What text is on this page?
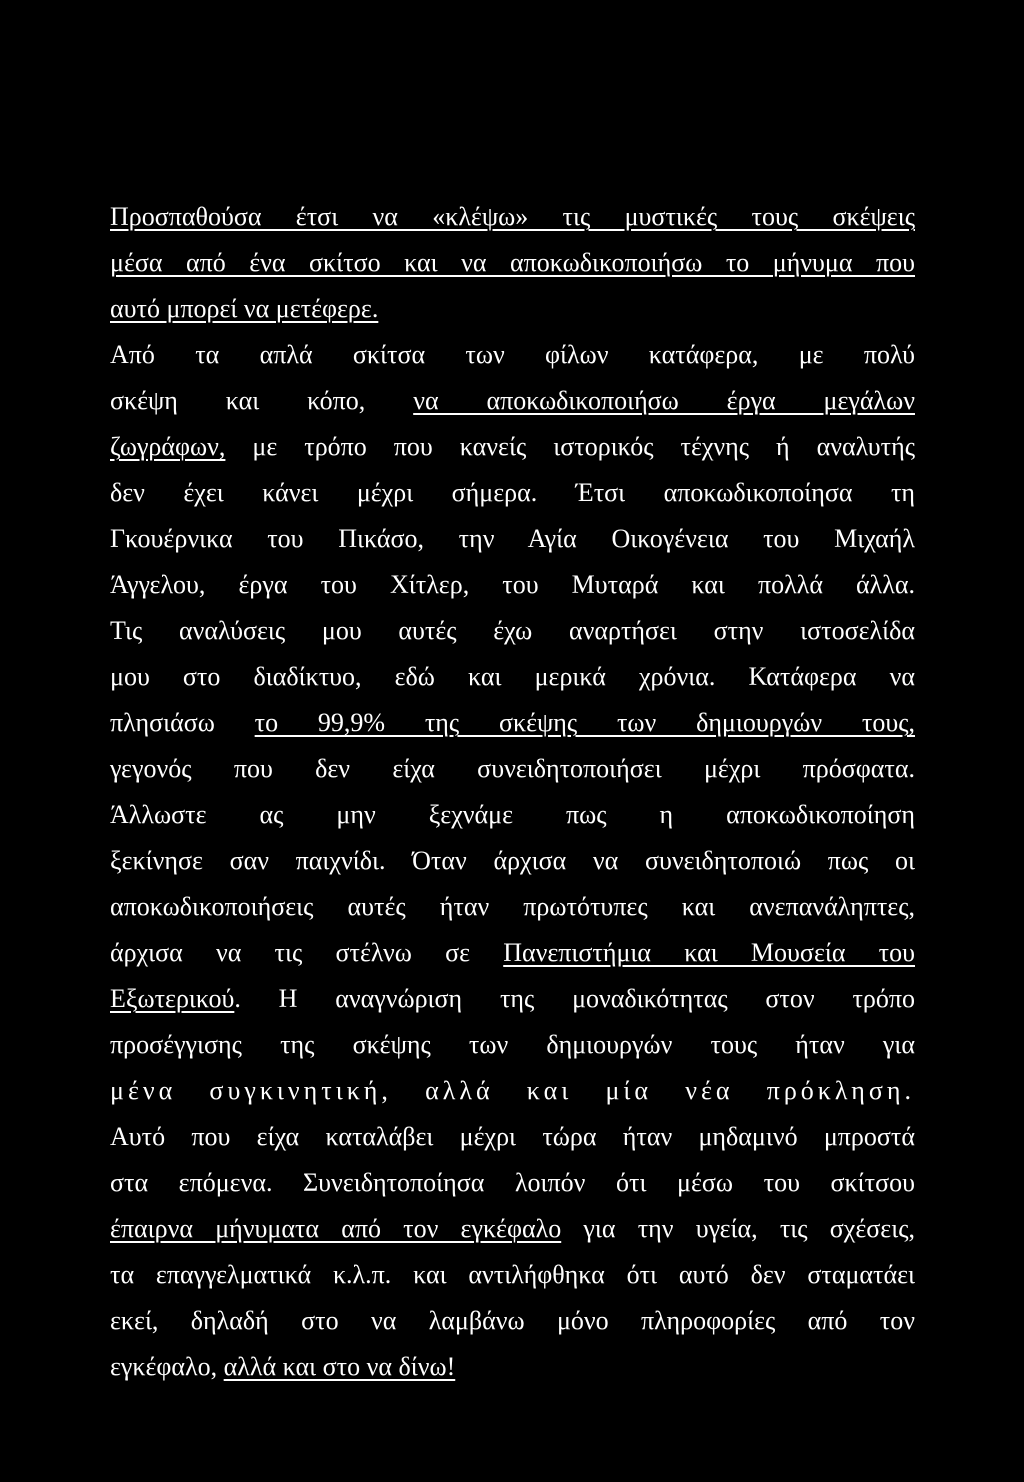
Προσπαθούσα έτσι να «κλέψω» τις μυστικές τους σκέψεις
μέσα από ένα σκίτσο και να αποκωδικοποιήσω το μήνυμα που
αυτό μπορεί να μετέφερε.
Από τα απλά σκίτσα των φίλων κατάφερα, με πολύ
σκέψη και κόπο, να αποκωδικοποιήσω έργα μεγάλων
ζωγράφων, με τρόπο που κανείς ιστορικός τέχνης ή αναλυτής
δεν έχει κάνει μέχρι σήμερα. Έτσι αποκωδικοποίησα τη
Γκουέρνικα του Πικάσο, την Αγία Οικογένεια του Μιχαήλ
Άγγελου, έργα του Χίτλερ, του Μυταρά και πολλά άλλα.
Τις αναλύσεις μου αυτές έχω αναρτήσει στην ιστοσελίδα
μου στο διαδίκτυο, εδώ και μερικά χρόνια. Κατάφερα να
πλησιάσω το 99,9% της σκέψης των δημιουργών τους,
γεγονός που δεν είχα συνειδητοποιήσει μέχρι πρόσφατα.
Άλλωστε ας μην ξεχνάμε πως η αποκωδικοποίηση
ξεκίνησε σαν παιχνίδι. Όταν άρχισα να συνειδητοποιώ πως οι
αποκωδικοποιήσεις αυτές ήταν πρωτότυπες και ανεπανάληπτες,
άρχισα να τις στέλνω σε Πανεπιστήμια και Μουσεία του
Εξωτερικού. Η αναγνώριση της μοναδικότητας στον τρόπο
προσέγγισης της σκέψης των δημιουργών τους ήταν για
μένα συγκινητική, αλλά και μία νέα πρόκληση.
Αυτό που είχα καταλάβει μέχρι τώρα ήταν μηδαμινό μπροστά
στα επόμενα. Συνειδητοποίησα λοιπόν ότι μέσω του σκίτσου
έπαιρνα μήνυματα από τον εγκέφαλο για την υγεία, τις σχέσεις,
τα επαγγελματικά κ.λ.π. και αντιλήφθηκα ότι αυτό δεν σταματάει
εκεί, δηλαδή στο να λαμβάνω μόνο πληροφορίες από τον
εγκέφαλο, αλλά και στο να δίνω!
